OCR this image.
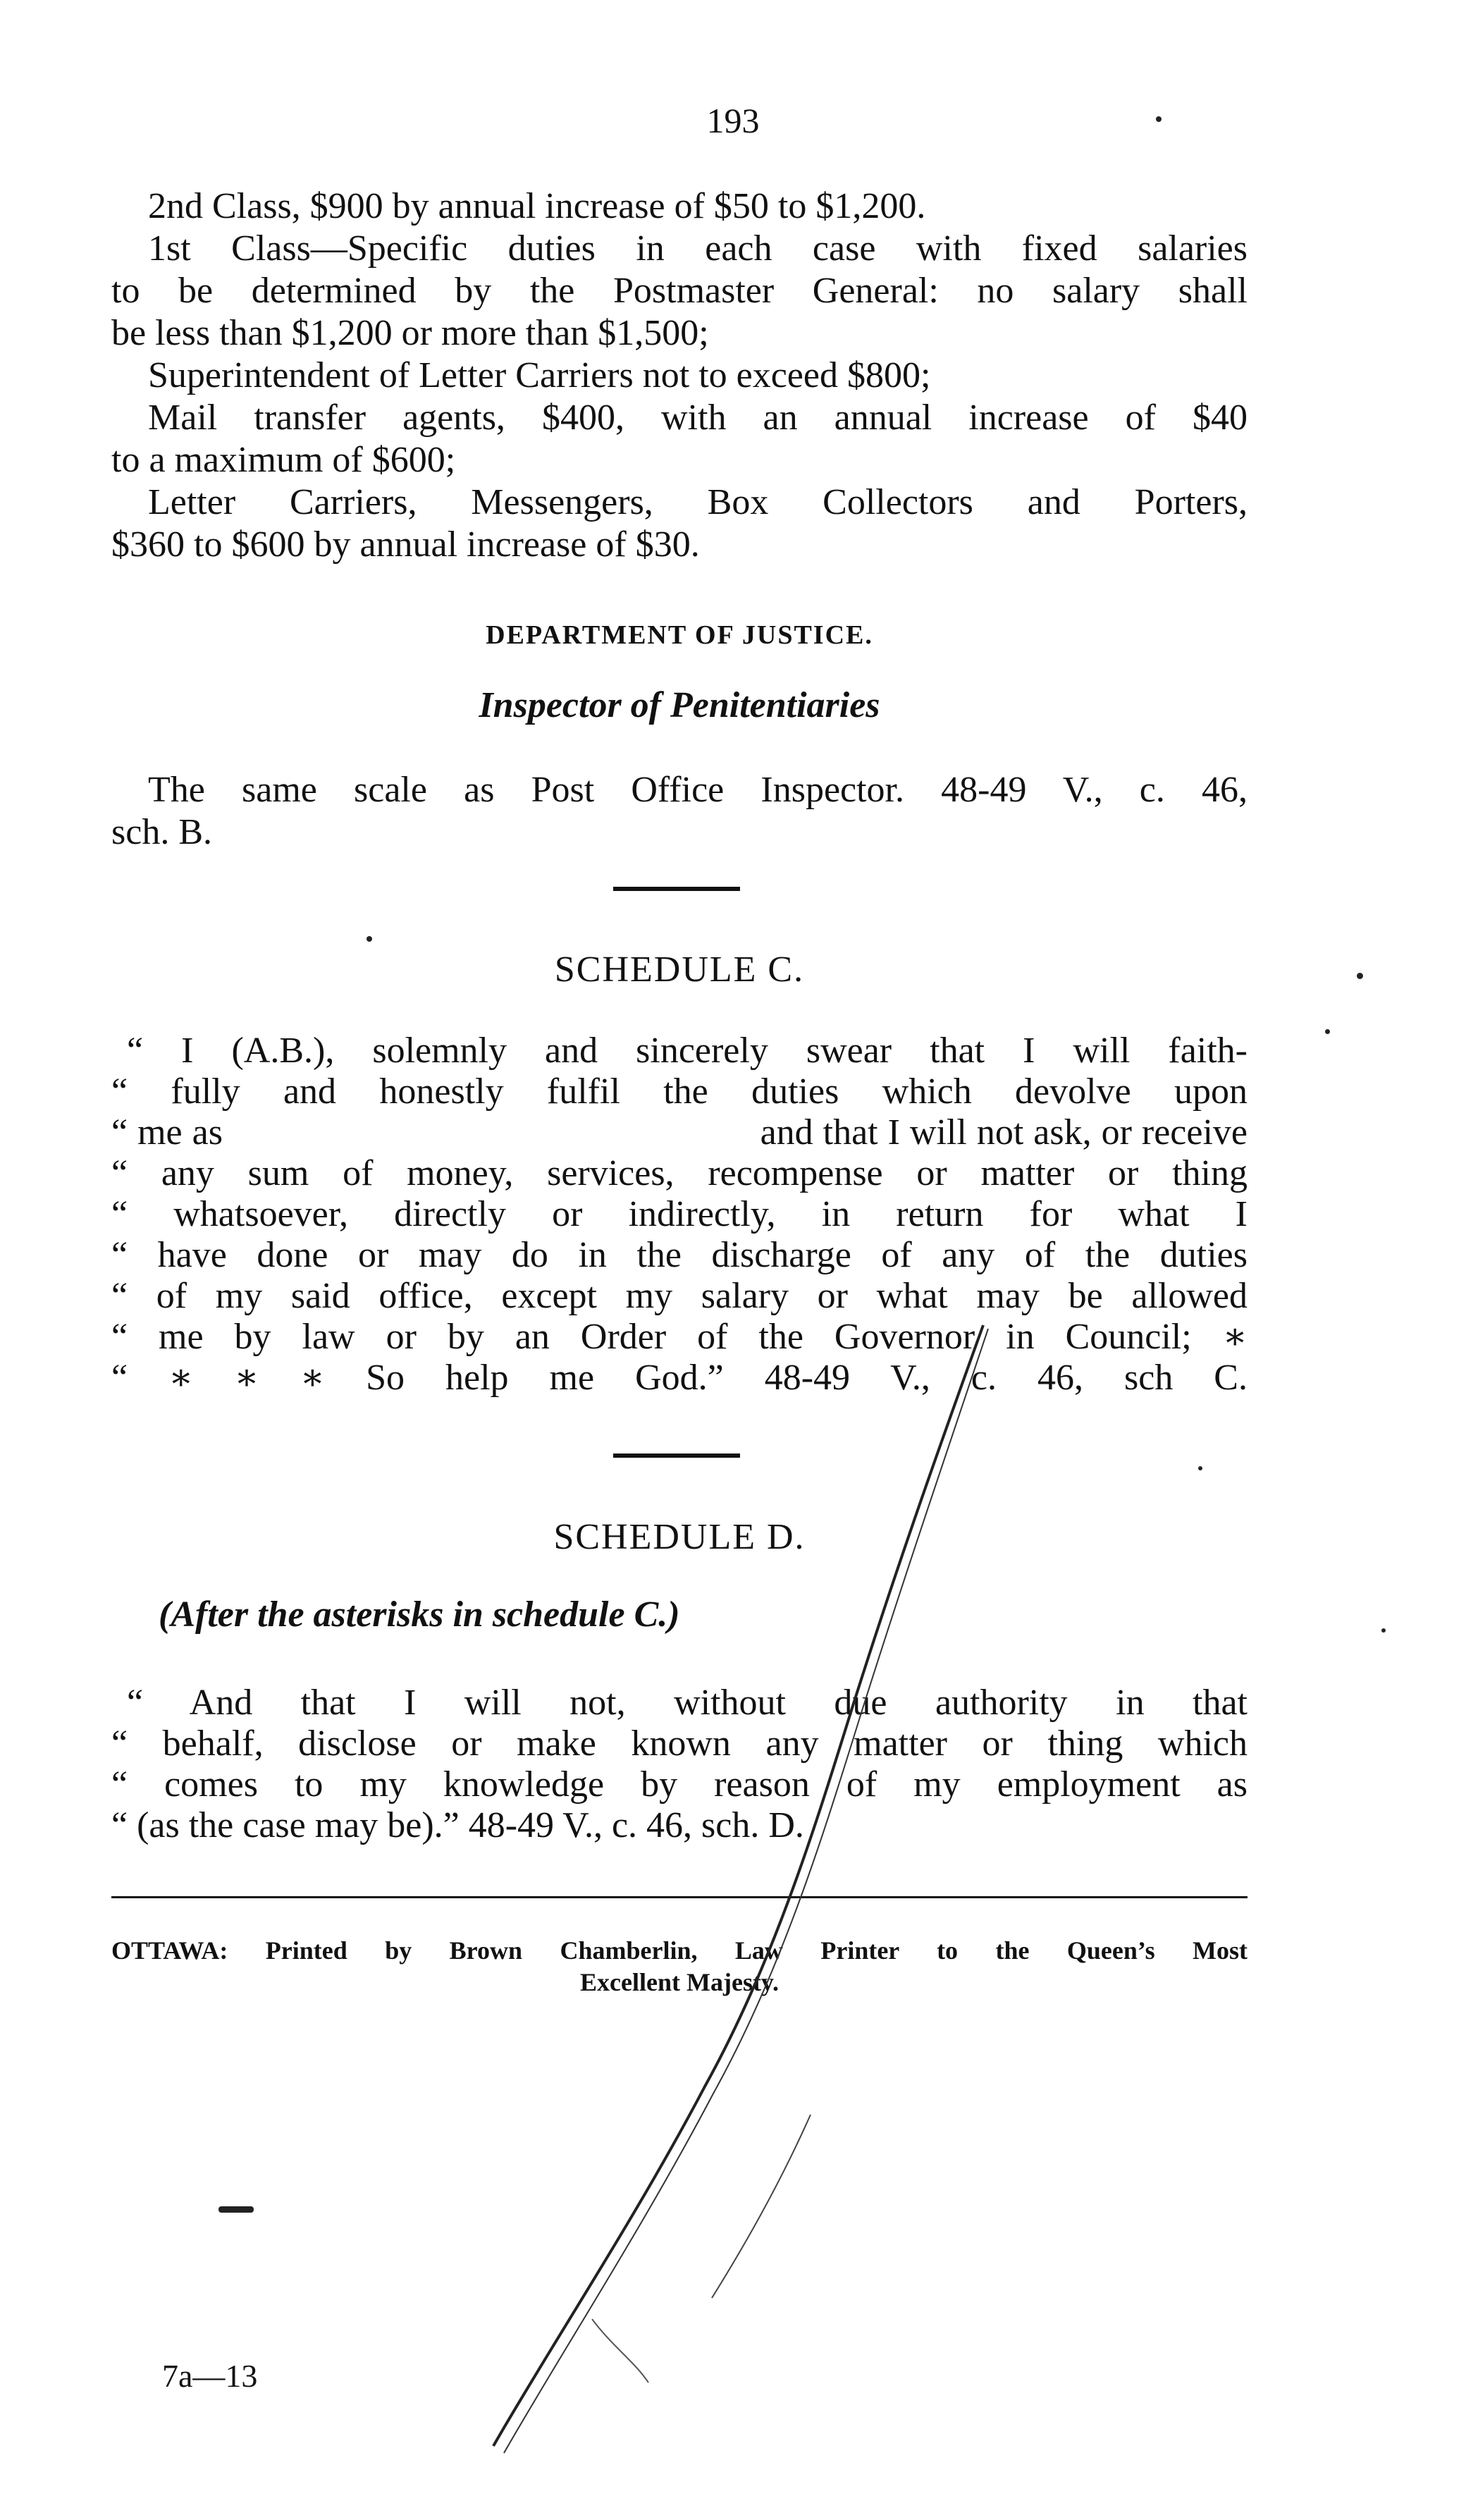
193
2nd Class, $900 by annual increase of $50 to $1,200.
1st Class—Specific duties in each case with fixed salaries
to be determined by the Postmaster General: no salary shall
be less than $1,200 or more than $1,500;
Superintendent of Letter Carriers not to exceed $800;
Mail transfer agents, $400, with an annual increase of $40
to a maximum of $600;
Letter Carriers, Messengers, Box Collectors and Porters,
$360 to $600 by annual increase of $30.
DEPARTMENT OF JUSTICE.
Inspector of Penitentiaries
The same scale as Post Office Inspector. 48-49 V., c. 46,
sch. B.
SCHEDULE C.
“ I (A.B.), solemnly and sincerely swear that I will faith-
“ fully and honestly fulfil the duties which devolve upon
“ me as	and that I will not ask, or receive
“ any sum of money, services, recompense or matter or thing
“ whatsoever, directly or indirectly, in return for what I
“ have done or may do in the discharge of any of the duties
“ of my said office, except my salary or what may be allowed
“ me by law or by an Order of the Governor in Council; ∗
“ ∗ ∗ ∗ So help me God.” 48-49 V., c. 46, sch C.
SCHEDULE D.
(After the asterisks in schedule C.)
“ And that I will not, without due authority in that
“ behalf, disclose or make known any matter or thing which
“ comes to my knowledge by reason of my employment as
“ (as the case may be).” 48-49 V., c. 46, sch. D.
OTTAWA: Printed by Brown Chamberlin, Law Printer to the Queen’s Most
Excellent Majesty.
7a—13
